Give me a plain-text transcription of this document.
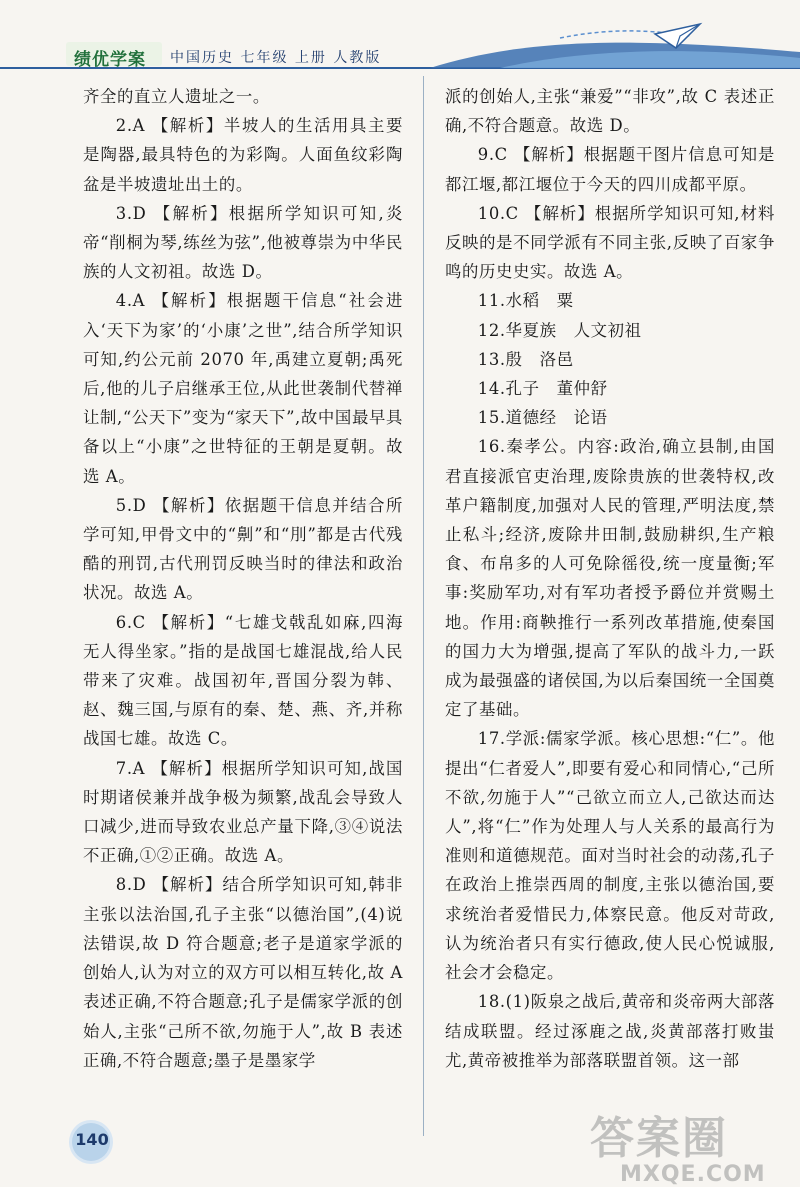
绩优学案 中国历史 七年级 上册 人教版

齐全的直立人遗址之一。

2.A 【解析】半坡人的生活用具主要是陶器,最具特色的为彩陶。人面鱼纹彩陶盆是半坡遗址出土的。

3.D 【解析】根据所学知识可知,炎帝“削桐为琴,练丝为弦”,他被尊崇为中华民族的人文初祖。故选 D。

4.A 【解析】根据题干信息“社会进入‘天下为家’的‘小康’之世”,结合所学知识可知,约公元前 2070 年,禹建立夏朝;禹死后,他的儿子启继承王位,从此世袭制代替禅让制,“公天下”变为“家天下”,故中国最早具备以上“小康”之世特征的王朝是夏朝。故选 A。

5.D 【解析】依据题干信息并结合所学可知,甲骨文中的“劓”和“刖”都是古代残酷的刑罚,古代刑罚反映当时的律法和政治状况。故选 A。

6.C 【解析】“七雄戈戟乱如麻,四海无人得坐家。”指的是战国七雄混战,给人民带来了灾难。战国初年,晋国分裂为韩、赵、魏三国,与原有的秦、楚、燕、齐,并称战国七雄。故选 C。

7.A 【解析】根据所学知识可知,战国时期诸侯兼并战争极为频繁,战乱会导致人口减少,进而导致农业总产量下降,③④说法不正确,①②正确。故选 A。

8.D 【解析】结合所学知识可知,韩非主张以法治国,孔子主张“以德治国”,(4)说法错误,故 D 符合题意;老子是道家学派的创始人,认为对立的双方可以相互转化,故 A 表述正确,不符合题意;孔子是儒家学派的创始人,主张“己所不欲,勿施于人”,故 B 表述正确,不符合题意;墨子是墨家学

派的创始人,主张“兼爱”“非攻”,故 C 表述正确,不符合题意。故选 D。

9.C 【解析】根据题干图片信息可知是都江堰,都江堰位于今天的四川成都平原。

10.C 【解析】根据所学知识可知,材料反映的是不同学派有不同主张,反映了百家争鸣的历史史实。故选 A。

11.水稻　粟

12.华夏族　人文初祖

13.殷　洛邑

14.孔子　董仲舒

15.道德经　论语

16.秦孝公。内容:政治,确立县制,由国君直接派官吏治理,废除贵族的世袭特权,改革户籍制度,加强对人民的管理,严明法度,禁止私斗;经济,废除井田制,鼓励耕织,生产粮食、布帛多的人可免除徭役,统一度量衡;军事:奖励军功,对有军功者授予爵位并赏赐土地。作用:商鞅推行一系列改革措施,使秦国的国力大为增强,提高了军队的战斗力,一跃成为最强盛的诸侯国,为以后秦国统一全国奠定了基础。

17.学派:儒家学派。核心思想:“仁”。他提出“仁者爱人”,即要有爱心和同情心,“己所不欲,勿施于人”“己欲立而立人,己欲达而达人”,将“仁”作为处理人与人关系的最高行为准则和道德规范。面对当时社会的动荡,孔子在政治上推崇西周的制度,主张以德治国,要求统治者爱惜民力,体察民意。他反对苛政,认为统治者只有实行德政,使人民心悦诚服,社会才会稳定。

18.(1)阪泉之战后,黄帝和炎帝两大部落结成联盟。经过涿鹿之战,炎黄部落打败蚩尤,黄帝被推举为部落联盟首领。这一部

140	答案圈
MXQE.COM
